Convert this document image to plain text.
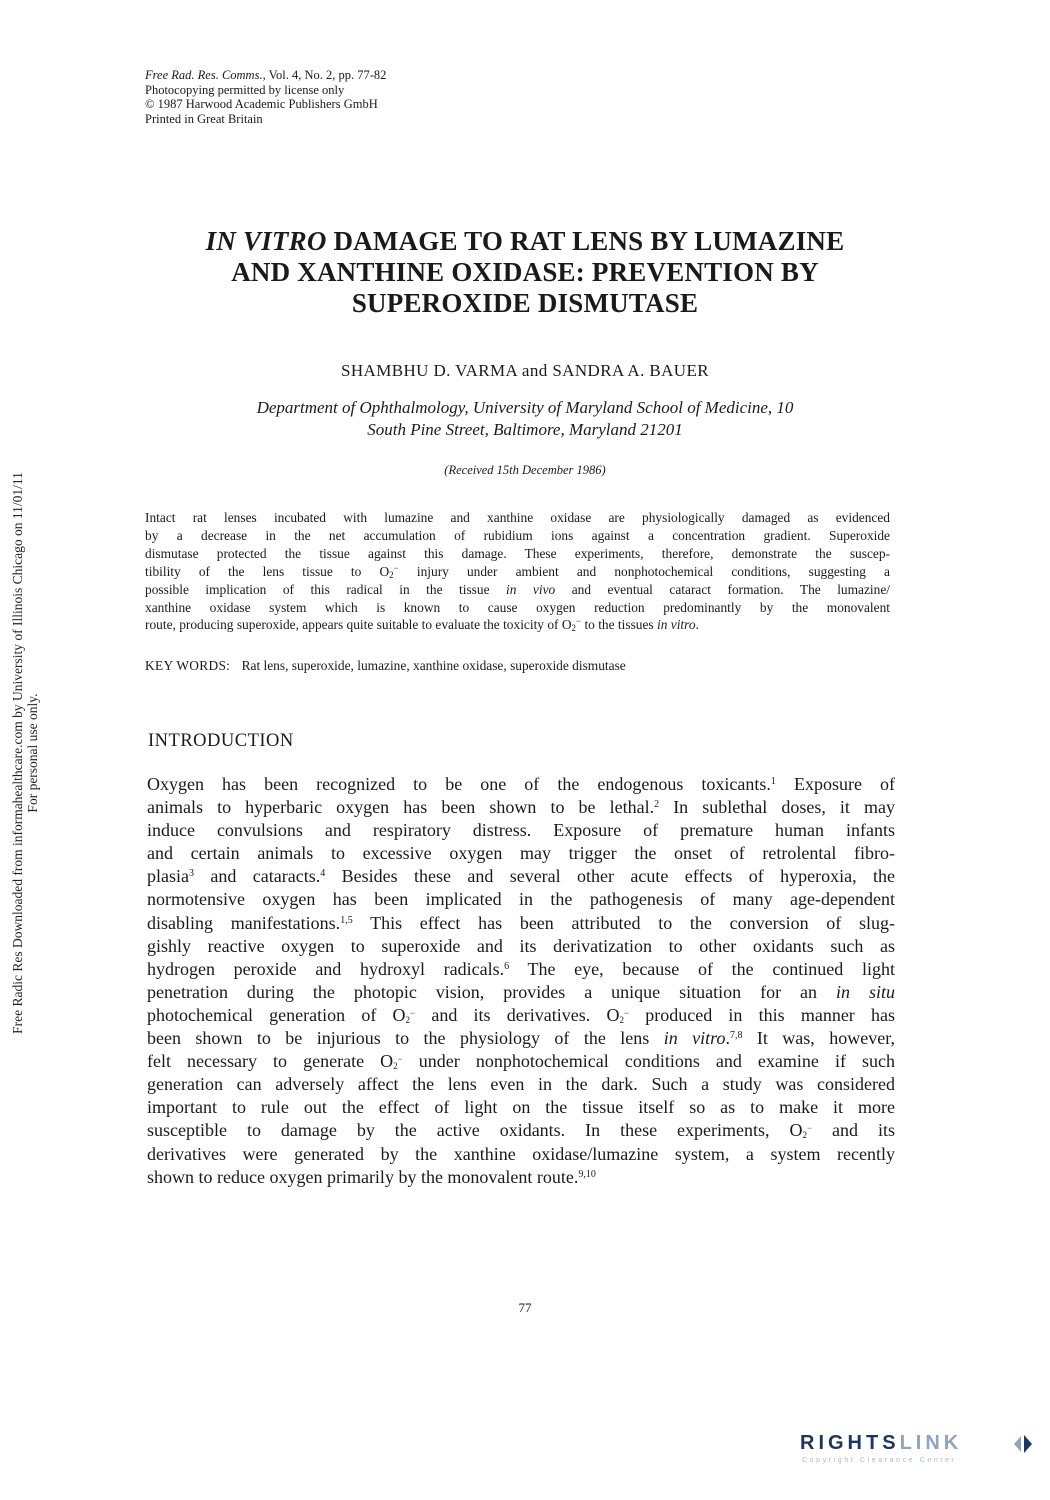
Free Rad. Res. Comms., Vol. 4, No. 2, pp. 77-82
Photocopying permitted by license only
© 1987 Harwood Academic Publishers GmbH
Printed in Great Britain
IN VITRO DAMAGE TO RAT LENS BY LUMAZINE
AND XANTHINE OXIDASE: PREVENTION BY
SUPEROXIDE DISMUTASE
SHAMBHU D. VARMA and SANDRA A. BAUER
Department of Ophthalmology, University of Maryland School of Medicine, 10
South Pine Street, Baltimore, Maryland 21201
(Received 15th December 1986)
Intact rat lenses incubated with lumazine and xanthine oxidase are physiologically damaged as evidenced
by a decrease in the net accumulation of rubidium ions against a concentration gradient. Superoxide
dismutase protected the tissue against this damage. These experiments, therefore, demonstrate the suscep-
tibility of the lens tissue to $O_2^-$ injury under ambient and nonphotochemical conditions, suggesting a
possible implication of this radical in the tissue in vivo and eventual cataract formation. The lumazine/
xanthine oxidase system which is known to cause oxygen reduction predominantly by the monovalent
route, producing superoxide, appears quite suitable to evaluate the toxicity of $O_2^-$ to the tissues in vitro.
KEY WORDS: Rat lens, superoxide, lumazine, xanthine oxidase, superoxide dismutase
INTRODUCTION
Oxygen has been recognized to be one of the endogenous toxicants.$^1$ Exposure of
animals to hyperbaric oxygen has been shown to be lethal.$^2$ In sublethal doses, it may
induce convulsions and respiratory distress. Exposure of premature human infants
and certain animals to excessive oxygen may trigger the onset of retrolental fibro-
plasia$^3$ and cataracts.$^4$ Besides these and several other acute effects of hyperoxia, the
normotensive oxygen has been implicated in the pathogenesis of many age-dependent
disabling manifestations.$^{1,5}$ This effect has been attributed to the conversion of slug-
gishly reactive oxygen to superoxide and its derivatization to other oxidants such as
hydrogen peroxide and hydroxyl radicals.$^6$ The eye, because of the continued light
penetration during the photopic vision, provides a unique situation for an in situ
photochemical generation of $O_2^-$ and its derivatives. $O_2^-$ produced in this manner has
been shown to be injurious to the physiology of the lens in vitro.$^{7,8}$ It was, however,
felt necessary to generate $O_2^-$ under nonphotochemical conditions and examine if such
generation can adversely affect the lens even in the dark. Such a study was considered
important to rule out the effect of light on the tissue itself so as to make it more
susceptible to damage by the active oxidants. In these experiments, $O_2^-$ and its
derivatives were generated by the xanthine oxidase/lumazine system, a system recently
shown to reduce oxygen primarily by the monovalent route.$^{9,10}$
77
Free Radic Res Downloaded from informahealthcare.com by University of Illinois Chicago on 11/01/11 For personal use only.
RIGHTSLINK
Copyright Clearance Center
